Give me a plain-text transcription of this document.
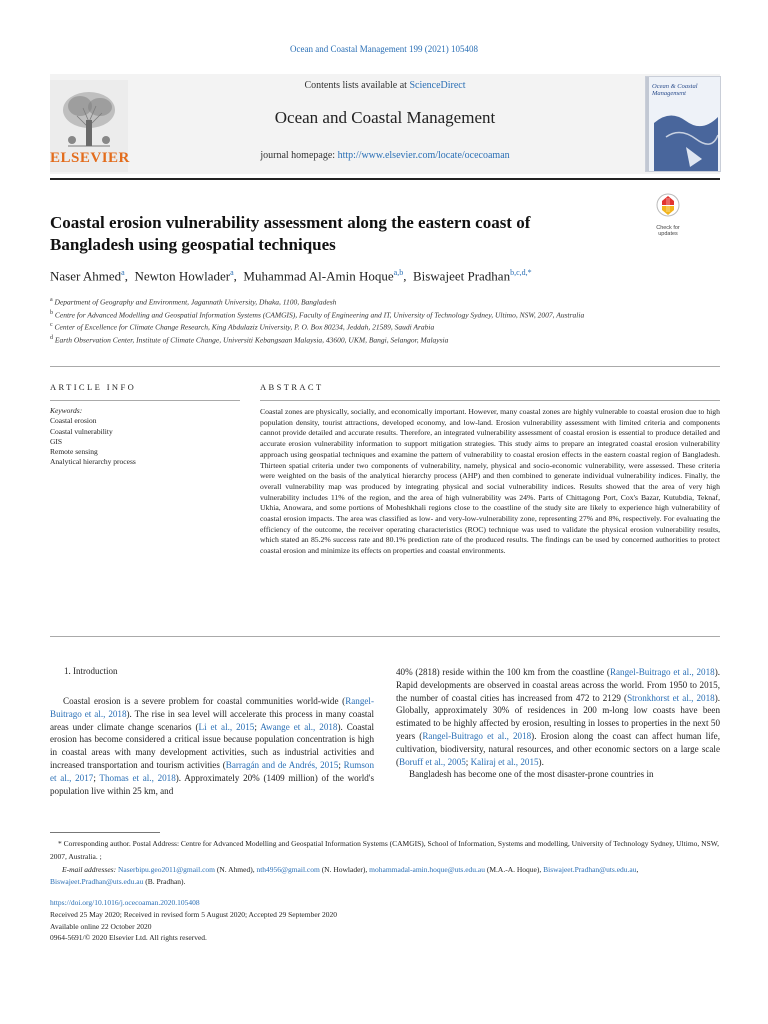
Ocean and Coastal Management 199 (2021) 105408
ELSEVIER
Contents lists available at ScienceDirect
Ocean and Coastal Management
journal homepage: http://www.elsevier.com/locate/ocecoaman
Ocean & Coastal Management
Coastal erosion vulnerability assessment along the eastern coast of
Bangladesh using geospatial techniques
Check for
updates
Naser Ahmed$^a$,  Newton Howlader$^a$,  Muhammad Al-Amin Hoque$^{a,b}$,  Biswajeet Pradhan$^{b,c,d,*}$

$^a$ Department of Geography and Environment, Jagannath University, Dhaka, 1100, Bangladesh

$^b$ Centre for Advanced Modelling and Geospatial Information Systems (CAMGIS), Faculty of Engineering and IT, University of Technology Sydney, Ultimo, NSW, 2007, Australia

$^c$ Center of Excellence for Climate Change Research, King Abdulaziz University, P. O. Box 80234, Jeddah, 21589, Saudi Arabia

$^d$ Earth Observation Center, Institute of Climate Change, Universiti Kebangsaan Malaysia, 43600, UKM, Bangi, Selangor, Malaysia

ARTICLE INFO	ABSTRACT
Keywords:
Coastal erosion
Coastal vulnerability
GIS
Remote sensing
Analytical hierarchy process
Coastal zones are physically, socially, and economically important. However, many coastal zones are highly vulnerable to coastal erosion due to high population density, tourist attractions, developed economy, and low-land. Erosion vulnerability assessment with limited criteria and components cannot provide detailed and accurate results. Therefore, an integrated vulnerability assessment of coastal erosion is essential to produce detailed and accurate erosion vulnerability information to support mitigation strategies. This study aims to prepare an integrated coastal erosion vulnerability approach using geospatial techniques and examine the pattern of vulnerability to coastal erosion effects in the eastern coastal region of Bangladesh. Thirteen spatial criteria under two components of vulnerability, namely, physical and socio-economic vulnerability, were assessed. These criteria were weighted on the basis of the analytical hierarchy process (AHP) and then combined to generate individual vulnerability indices. Finally, the overall vulnerability map was produced by integrating physical and social vulnerability indices. Results showed that the area of very high vulnerability includes 11% of the region, and the area of high vulnerability was 24%. Parts of Chittagong Port, Cox's Bazar, Kutubdia, Teknaf, Ukhia, Anowara, and some portions of Moheshkhali regions close to the coastline of the study site are likely to experience high vulnerability of coastal erosion impacts. The area was classified as low- and very-low-vulnerability zone, representing 27% and 8%, respectively. For evaluating the efficiency of the outcome, the receiver operating characteristics (ROC) technique was used to validate the physical erosion vulnerability results, which stated an 85.2% success rate and 80.1% prediction rate of the produced results. The findings can be used by concerned authorities to protect coastal erosion and minimize its effects on properties and coastal environments.
1. Introduction
Coastal erosion is a severe problem for coastal communities world-wide (Rangel-Buitrago et al., 2018). The rise in sea level will accelerate this process in many coastal areas under climate change scenarios (Li et al., 2015; Awange et al., 2018). Coastal erosion has become considered a critical issue because population concentration is high in coastal areas with many development activities, such as industrial activities and increased transportation and tourism activities (Barragán and de Andrés, 2015; Rumson et al., 2017; Thomas et al., 2018). Approximately 20% (1409 million) of the world's population live within 25 km, and
40% (2818) reside within the 100 km from the coastline (Rangel-Buitrago et al., 2018). Rapid developments are observed in coastal areas across the world. From 1950 to 2015, the number of coastal cities has increased from 472 to 2129 (Stronkhorst et al., 2018). Globally, approximately 30% of residences in 200 m-long low coasts have been estimated to be highly affected by erosion, resulting in losses to properties in the next 50 years (Rangel-Buitrago et al., 2018). Erosion along the coast can affect human life, cultivation, biodiversity, natural resources, and other economic sectors on a large scale (Boruff et al., 2005; Kaliraj et al., 2015).
Bangladesh has become one of the most disaster-prone countries in
* Corresponding author. Postal Address: Centre for Advanced Modelling and Geospatial Information Systems (CAMGIS), School of Information, Systems and modelling, University of Technology Sydney, Ultimo, NSW, 2007, Australia. ;
E-mail addresses: Naserbipu.geo2011@gmail.com (N. Ahmed), nth4956@gmail.com (N. Howlader), mohammadal-amin.hoque@uts.edu.au (M.A.-A. Hoque), Biswajeet.Pradhan@uts.edu.au, Biswajeet.Pradhan@uts.edu.au (B. Pradhan).
https://doi.org/10.1016/j.ocecoaman.2020.105408
Received 25 May 2020; Received in revised form 5 August 2020; Accepted 29 September 2020
Available online 22 October 2020
0964-5691/© 2020 Elsevier Ltd. All rights reserved.
